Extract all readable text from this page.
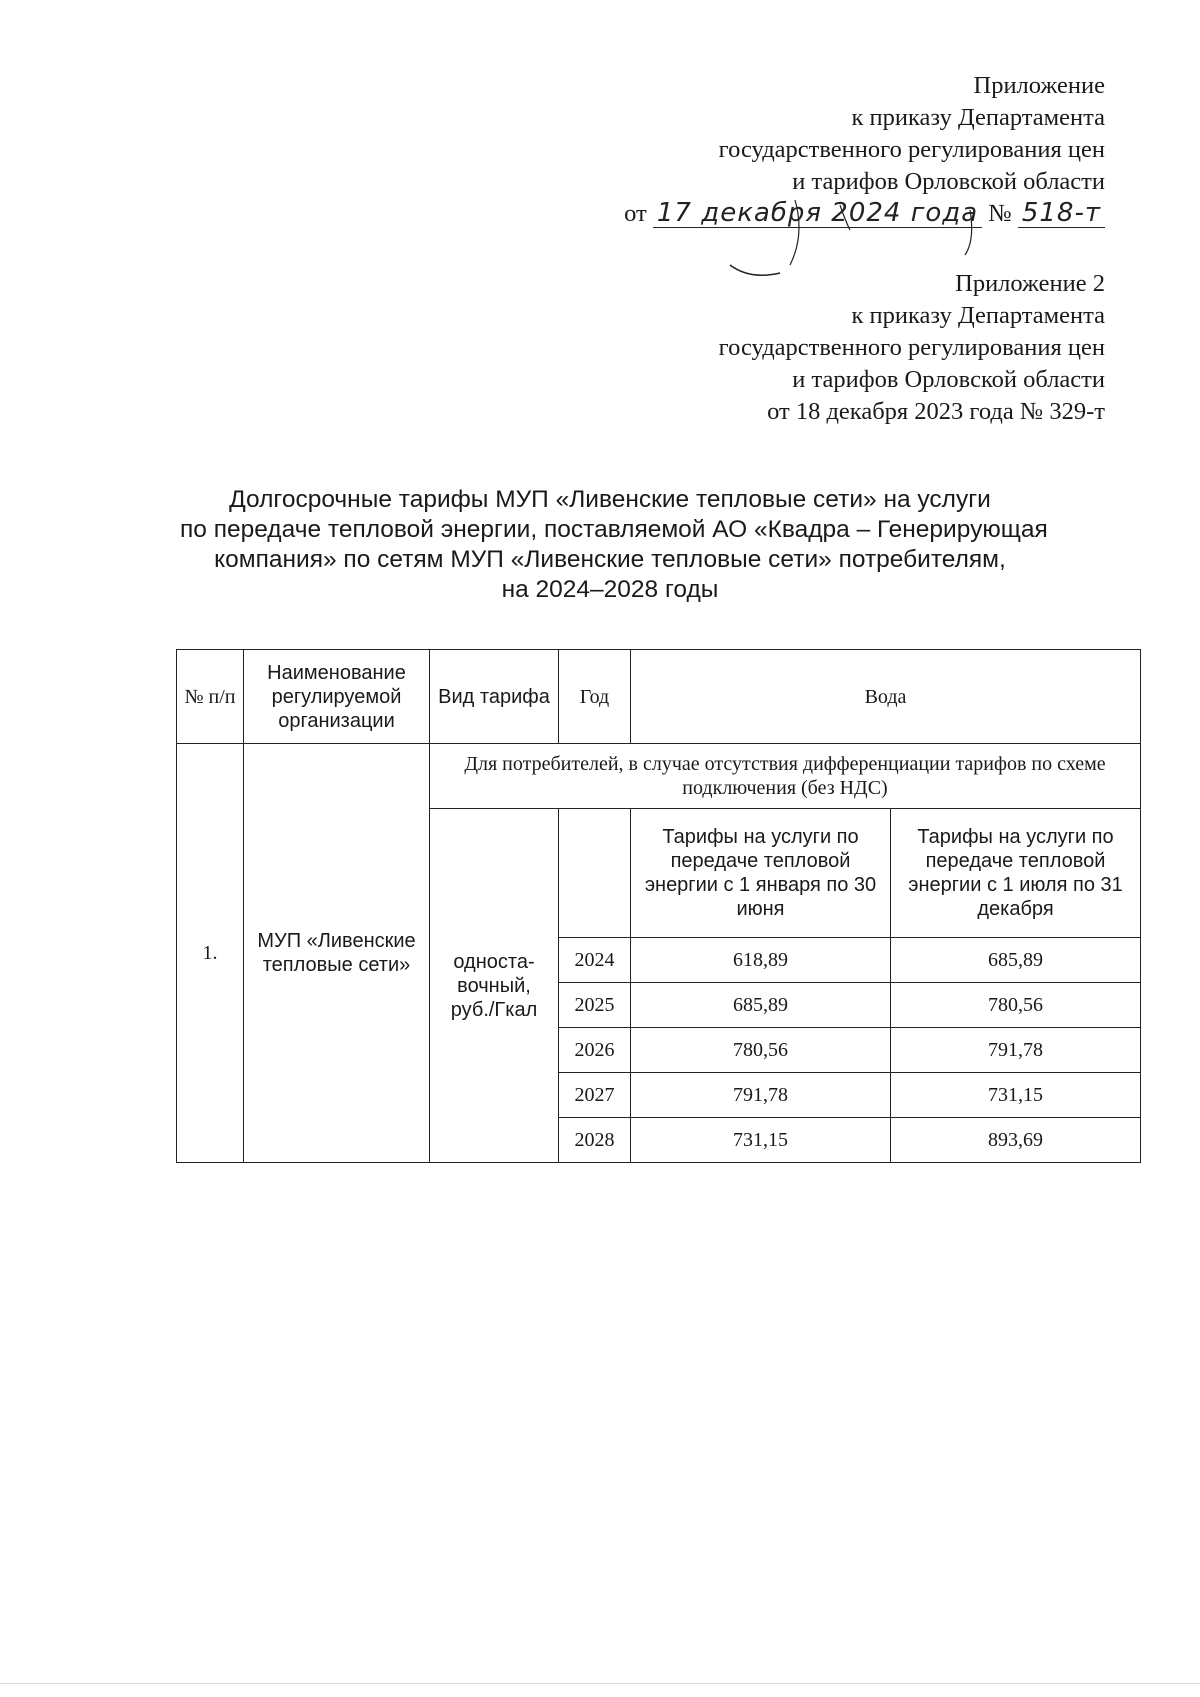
Приложение
к приказу Департамента
государственного регулирования цен
и тарифов Орловской области
от 17 декабря 2024 года № 518-т
Приложение 2
к приказу Департамента
государственного регулирования цен
и тарифов Орловской области
от 18 декабря 2023 года № 329-т
Долгосрочные тарифы МУП «Ливенские тепловые сети» на услуги
по передаче тепловой энергии, поставляемой АО «Квадра – Генерирующая
компания» по сетям МУП «Ливенские тепловые сети» потребителям,
на 2024–2028 годы
№ п/п	Наименование регулируемой организации	Вид тарифа	Год	Вода	
1.	МУП «Ливенские тепловые сети»	Для потребителей, в случае отсутствия дифференциации тарифов по схеме подключения (без НДС)			
		односта-вочный, руб./Гкал		Тарифы на услуги по передаче тепловой энергии с 1 января по 30 июня	Тарифы на услуги по передаче тепловой энергии с 1 июля по 31 декабря
			2024	618,89	685,89
			2025	685,89	780,56
			2026	780,56	791,78
			2027	791,78	731,15
			2028	731,15	893,69
